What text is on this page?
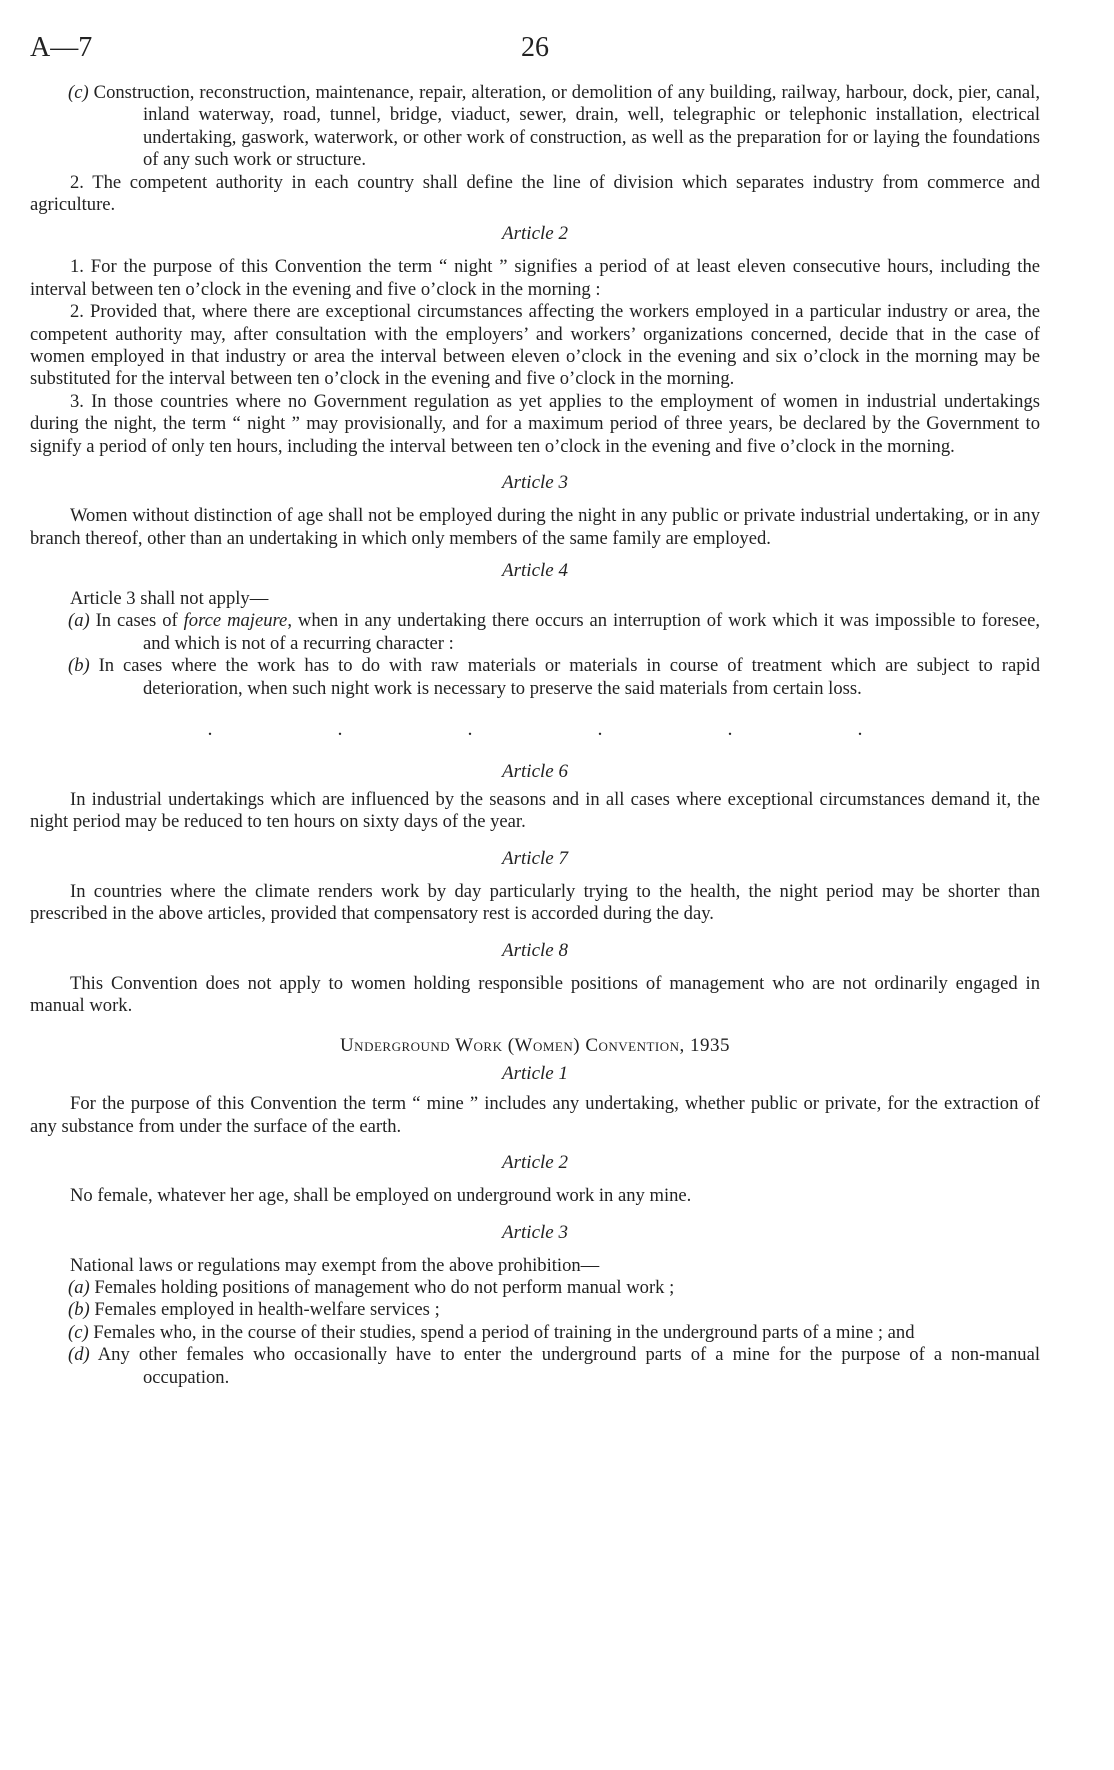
A—7	26

(c) Construction, reconstruction, maintenance, repair, alteration, or demolition of any building, railway, harbour, dock, pier, canal, inland waterway, road, tunnel, bridge, viaduct, sewer, drain, well, telegraphic or telephonic installation, electrical undertaking, gaswork, waterwork, or other work of construction, as well as the preparation for or laying the foundations of any such work or structure.

2. The competent authority in each country shall define the line of division which separates industry from commerce and agriculture.

Article 2

1. For the purpose of this Convention the term “ night ” signifies a period of at least eleven consecutive hours, including the interval between ten o’clock in the evening and five o’clock in the morning :

2. Provided that, where there are exceptional circumstances affecting the workers employed in a particular industry or area, the competent authority may, after consultation with the employers’ and workers’ organizations concerned, decide that in the case of women employed in that industry or area the interval between eleven o’clock in the evening and six o’clock in the morning may be substituted for the interval between ten o’clock in the evening and five o’clock in the morning.

3. In those countries where no Government regulation as yet applies to the employment of women in industrial undertakings during the night, the term “ night ” may provisionally, and for a maximum period of three years, be declared by the Government to signify a period of only ten hours, including the interval between ten o’clock in the evening and five o’clock in the morning.

Article 3

Women without distinction of age shall not be employed during the night in any public or private industrial undertaking, or in any branch thereof, other than an undertaking in which only members of the same family are employed.

Article 4

Article 3 shall not apply—

(a) In cases of force majeure, when in any undertaking there occurs an interruption of work which it was impossible to foresee, and which is not of a recurring character :

(b) In cases where the work has to do with raw materials or materials in course of treatment which are subject to rapid deterioration, when such night work is necessary to preserve the said materials from certain loss.

. . . . . .
Article 6

In industrial undertakings which are influenced by the seasons and in all cases where exceptional circumstances demand it, the night period may be reduced to ten hours on sixty days of the year.

Article 7

In countries where the climate renders work by day particularly trying to the health, the night period may be shorter than prescribed in the above articles, provided that compensatory rest is accorded during the day.

Article 8

This Convention does not apply to women holding responsible positions of management who are not ordinarily engaged in manual work.

Underground Work (Women) Convention, 1935
Article 1

For the purpose of this Convention the term “ mine ” includes any undertaking, whether public or private, for the extraction of any substance from under the surface of the earth.

Article 2

No female, whatever her age, shall be employed on underground work in any mine.

Article 3

National laws or regulations may exempt from the above prohibition—

(a) Females holding positions of management who do not perform manual work ;

(b) Females employed in health-welfare services ;

(c) Females who, in the course of their studies, spend a period of training in the underground parts of a mine ; and

(d) Any other females who occasionally have to enter the underground parts of a mine for the purpose of a non-manual occupation.
